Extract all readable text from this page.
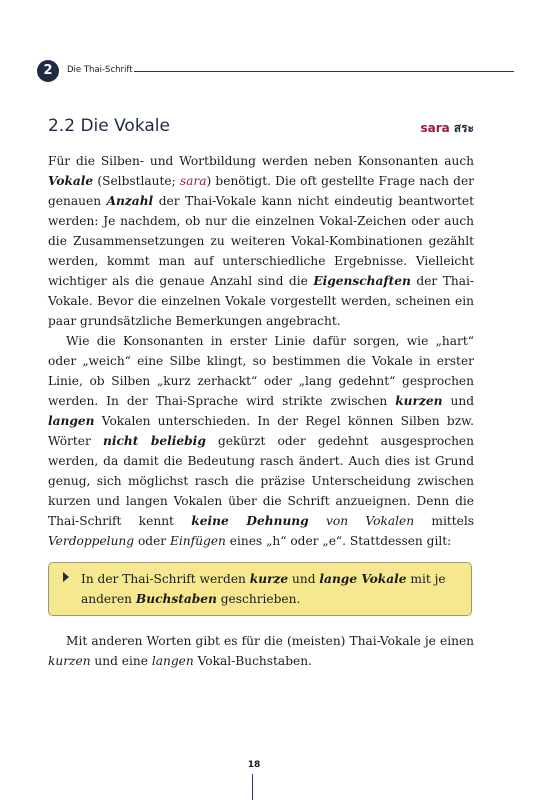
2	Die Thai-Schrift
2.2 Die Vokale	sara สระ

Für die Silben- und Wortbildung werden neben Konsonanten auch Vokale (Selbstlaute; sara) benötigt. Die oft gestellte Frage nach der genauen Anzahl der Thai-Vokale kann nicht eindeutig beantwortet werden: Je nachdem, ob nur die einzelnen Vokal-Zeichen oder auch die Zusammensetzungen zu weiteren Vokal-Kombinationen gezählt werden, kommt man auf unterschiedliche Ergebnisse. Vielleicht wichtiger als die genaue Anzahl sind die Eigenschaften der Thai-Vokale. Bevor die einzelnen Vokale vorgestellt werden, scheinen ein paar grundsätzliche Bemerkungen angebracht.

Wie die Konsonanten in erster Linie dafür sorgen, wie „hart“ oder „weich“ eine Silbe klingt, so bestimmen die Vokale in erster Linie, ob Silben „kurz zerhackt“ oder „lang gedehnt“ gesprochen werden. In der Thai-Sprache wird strikte zwischen kurzen und langen Vokalen unterschieden. In der Regel können Silben bzw. Wörter nicht beliebig gekürzt oder gedehnt ausgesprochen werden, da damit die Bedeutung rasch ändert. Auch dies ist Grund genug, sich möglichst rasch die präzise Unterscheidung zwischen kurzen und langen Vokalen über die Schrift anzueignen. Denn die Thai-Schrift kennt keine Dehnung von Vokalen mittels Verdoppelung oder Einfügen eines „h“ oder „e“. Stattdessen gilt:

In der Thai-Schrift werden kurze und lange Vokale mit je anderen Buchstaben geschrieben.

Mit anderen Worten gibt es für die (meisten) Thai-Vokale je einen kurzen und eine langen Vokal-Buchstaben.

18
